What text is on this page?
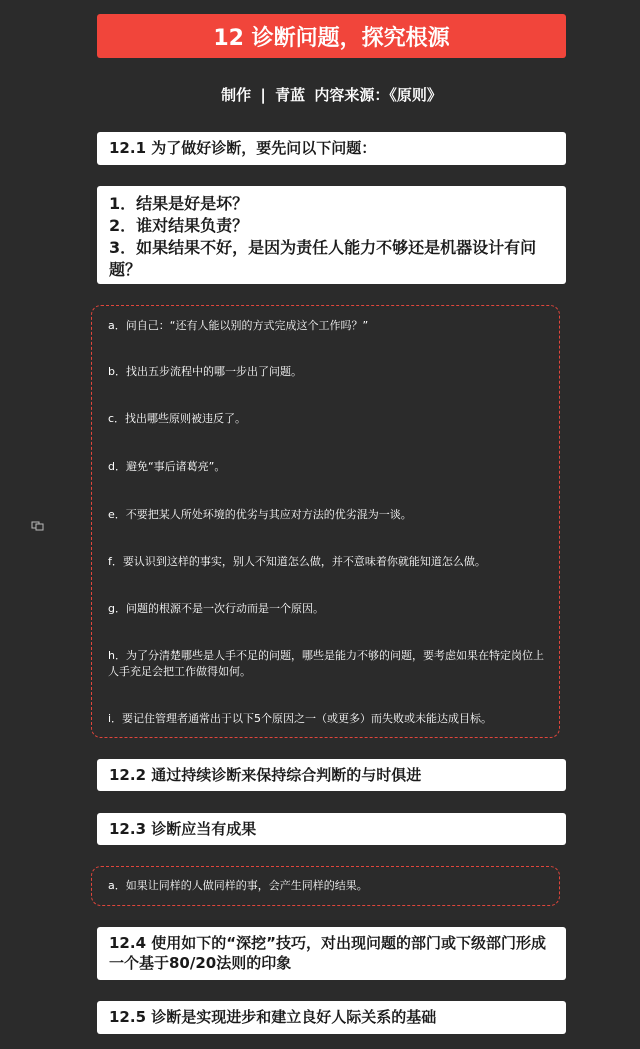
12 诊断问题，探究根源
制作 | 青蓝 内容来源：《原则》
12.1 为了做好诊断，要先问以下问题：
1．结果是好是坏？
2．谁对结果负责？
3．如果结果不好，是因为责任人能力不够还是机器设计有问题？
a．问自己：“还有人能以别的方式完成这个工作吗？”
b．找出五步流程中的哪一步出了问题。
c．找出哪些原则被违反了。
d．避免“事后诸葛亮”。
e．不要把某人所处环境的优劣与其应对方法的优劣混为一谈。
f．要认识到这样的事实，别人不知道怎么做，并不意味着你就能知道怎么做。
g．问题的根源不是一次行动而是一个原因。
h．为了分清楚哪些是人手不足的问题，哪些是能力不够的问题，要考虑如果在特定岗位上人手充足会把工作做得如何。
i．要记住管理者通常出于以下5个原因之一（或更多）而失败或未能达成目标。
12.2 通过持续诊断来保持综合判断的与时俱进
12.3 诊断应当有成果
a．如果让同样的人做同样的事，会产生同样的结果。
12.4 使用如下的“深挖”技巧，对出现问题的部门或下级部门形成一个基于80/20法则的印象
12.5 诊断是实现进步和建立良好人际关系的基础
